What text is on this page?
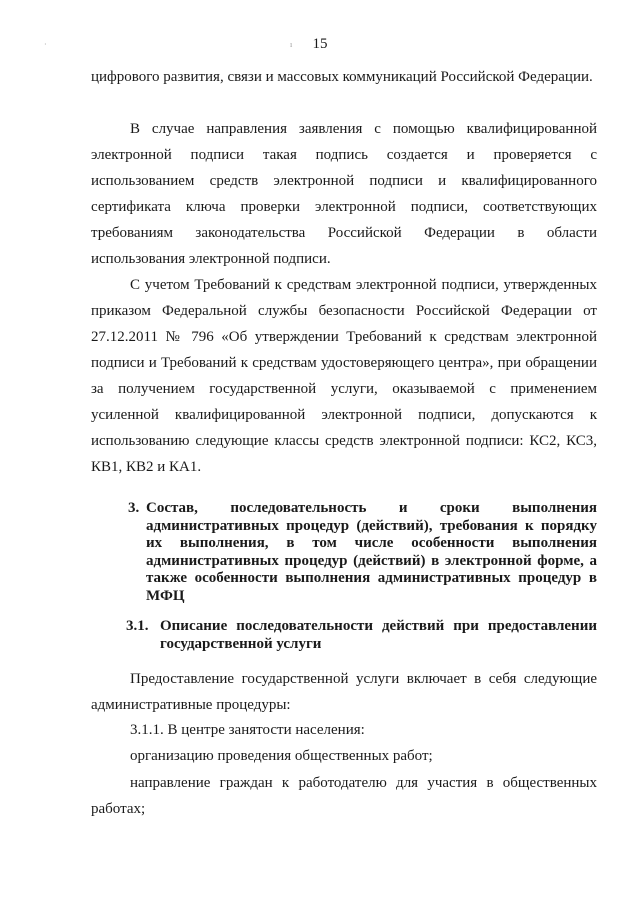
ı
·	15

цифрового развития, связи и массовых коммуникаций Российской Федерации.

В случае направления заявления с помощью квалифицированной электронной подписи такая подпись создается и проверяется с использованием средств электронной подписи и квалифицированного сертификата ключа проверки электронной подписи, соответствующих требованиям законодательства Российской Федерации в области использования электронной подписи.

С учетом Требований к средствам электронной подписи, утвержденных приказом Федеральной службы безопасности Российской Федерации от 27.12.2011 № 796 «Об утверждении Требований к средствам электронной подписи и Требований к средствам удостоверяющего центра», при обращении за получением государственной услуги, оказываемой с применением усиленной квалифицированной электронной подписи, допускаются к использованию следующие классы средств электронной подписи: КС2, КС3, КВ1, КВ2 и КА1.

3. Состав, последовательность и сроки выполнения административных процедур (действий), требования к порядку их выполнения, в том числе особенности выполнения административных процедур (действий) в электронной форме, а также особенности выполнения административных процедур в МФЦ
3.1. Описание последовательности действий при предоставлении государственной услуги

Предоставление государственной услуги включает в себя следующие административные процедуры:

3.1.1. В центре занятости населения:
организацию проведения общественных работ;

направление граждан к работодателю для участия в общественных работах;
